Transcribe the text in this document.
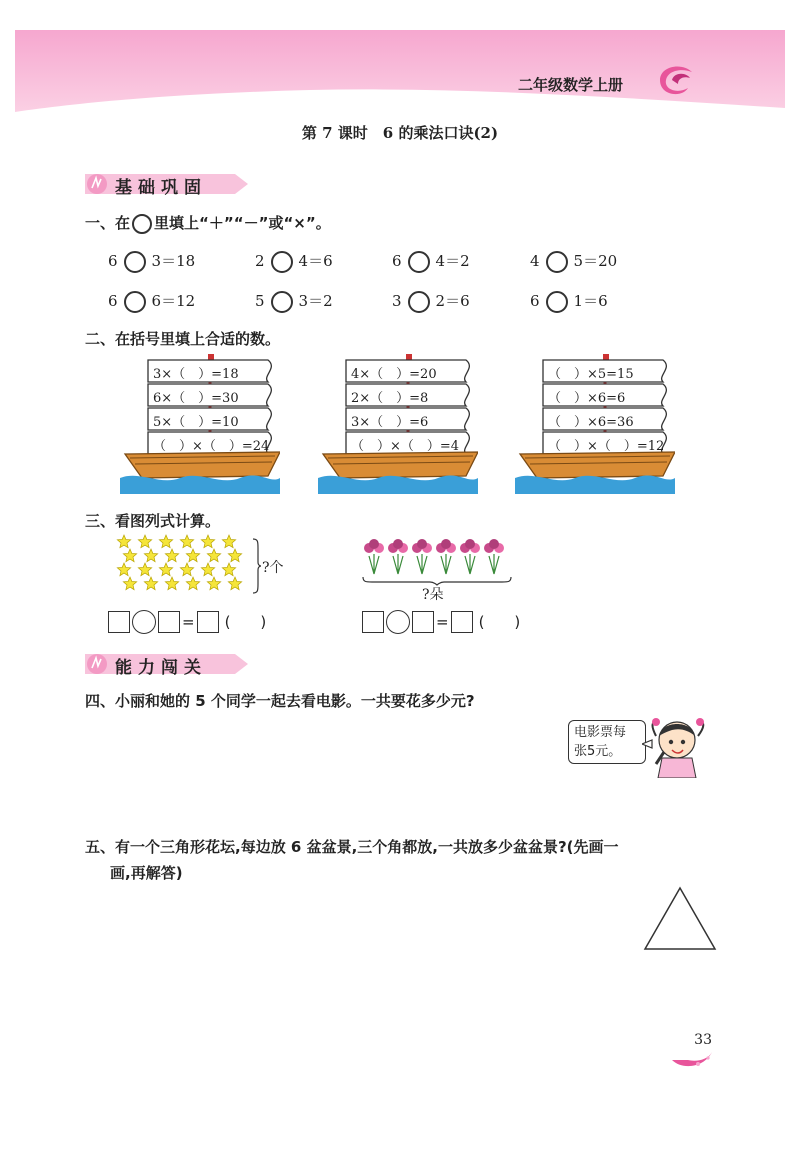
二年级数学上册
第 7 课时　6 的乘法口诀(2)
基础巩固
一、在 里填上“＋”“－”或“×”。
6 3＝18	2 4＝6	6 4＝2	4 5＝20
6 6＝12	5 3＝2	3 2＝6	6 1＝6
二、在括号里填上合适的数。
3×（　）=18
6×（　）=30
5×（　）=10
（　）×（　）=24
4×（　）=20
2×（　）=8
3×（　）=6
（　）×（　）=4
（　）×5=15
（　）×6=6
（　）×6=36
（　）×（　）=12
三、看图列式计算。
?个
?朵
= (　　)	= (　　)
能力闯关
四、小丽和她的 5 个同学一起去看电影。一共要花多少元?
电影票每
张5元。
五、有一个三角形花坛,每边放 6 盆盆景,三个角都放,一共放多少盆盆景?(先画一
画,再解答)
33
